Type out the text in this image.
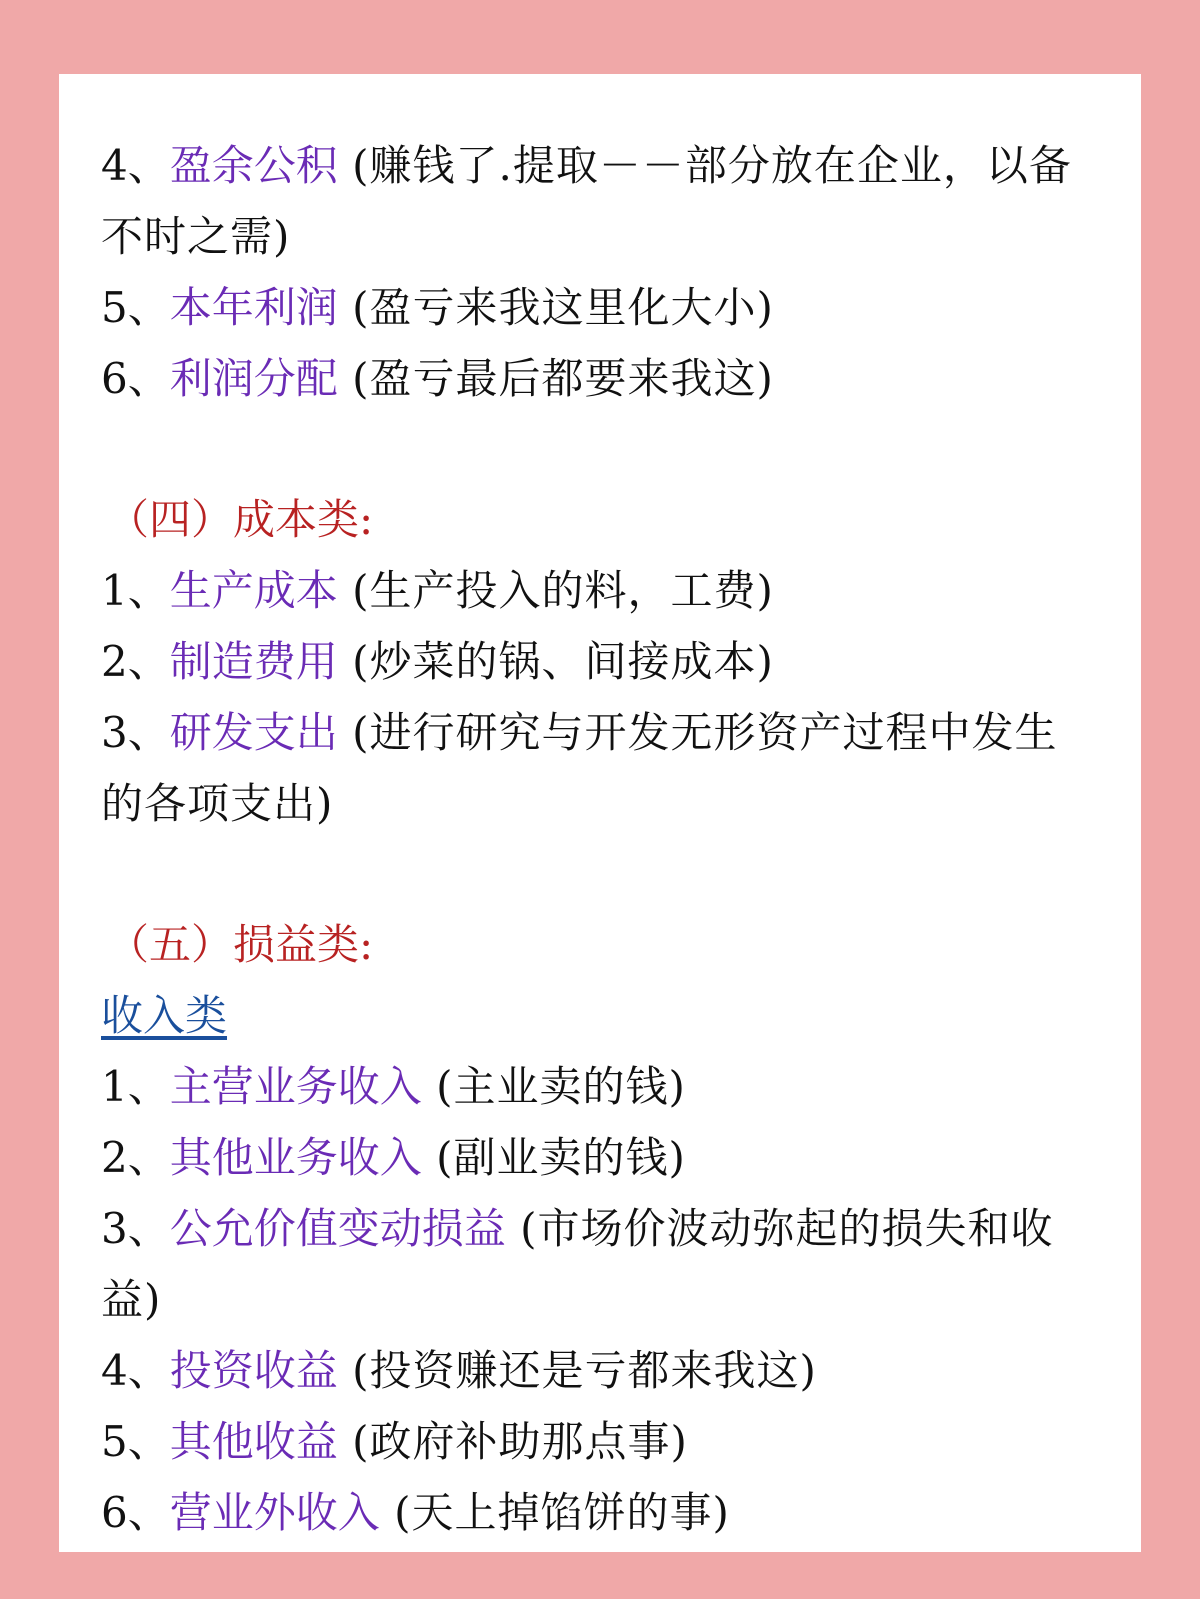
4、盈余公积 (赚钱了.提取－－部分放在企业，以备
不时之需)
5、本年利润 (盈亏来我这里化大小)
6、利润分配 (盈亏最后都要来我这)
（四）成本类:
1、生产成本 (生产投入的料，工费)
2、制造费用 (炒菜的锅、间接成本)
3、研发支出 (进行研究与开发无形资产过程中发生
的各项支出)
（五）损益类:
收入类
1、主营业务收入 (主业卖的钱)
2、其他业务收入 (副业卖的钱)
3、公允价值变动损益 (市场价波动弥起的损失和收
益)
4、投资收益 (投资赚还是亏都来我这)
5、其他收益 (政府补助那点事)
6、营业外收入 (天上掉馅饼的事)
